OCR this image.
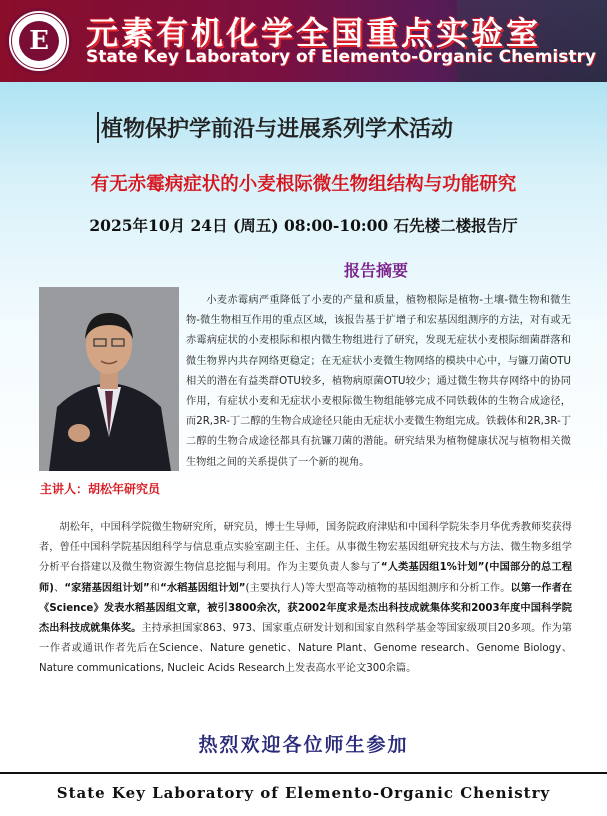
E	元素有机化学全国重点实验室
State Key Laboratory of Elemento-Organic Chemistry
植物保护学前沿与进展系列学术活动
有无赤霉病症状的小麦根际微生物组结构与功能研究
2025年10月 24日 (周五) 08:00-10:00 石先楼二楼报告厅
报告摘要
小麦赤霉病严重降低了小麦的产量和质量，植物根际是植物-土壤-微生物和微生物-微生物相互作用的重点区域，该报告基于扩增子和宏基因组测序的方法，对有或无赤霉病症状的小麦根际和根内微生物组进行了研究，发现无症状小麦根际细菌群落和微生物界内共存网络更稳定；在无症状小麦微生物网络的模块中心中，与镰刀菌OTU相关的潜在有益类群OTU较多，植物病原菌OTU较少；通过微生物共存网络中的协同作用，有症状小麦和无症状小麦根际微生物组能够完成不同铁载体的生物合成途径，而2R,3R-丁二醇的生物合成途径只能由无症状小麦微生物组完成。铁载体和2R,3R-丁二醇的生物合成途径都具有抗镰刀菌的潜能。研究结果为植物健康状况与植物相关微生物组之间的关系提供了一个新的视角。
主讲人：胡松年研究员
胡松年，中国科学院微生物研究所，研究员，博士生导师，国务院政府津贴和中国科学院朱李月华优秀教师奖获得者，曾任中国科学院基因组科学与信息重点实验室副主任、主任。从事微生物宏基因组研究技术与方法、微生物多组学分析平台搭建以及微生物资源生物信息挖掘与利用。作为主要负责人参与了“人类基因组1%计划”(中国部分的总工程师)、“家猪基因组计划”和“水稻基因组计划”(主要执行人)等大型高等动植物的基因组测序和分析工作。以第一作者在《Science》发表水稻基因组文章，被引3800余次，获2002年度求是杰出科技成就集体奖和2003年度中国科学院杰出科技成就集体奖。主持承担国家863、973、国家重点研发计划和国家自然科学基金等国家级项目20多项。作为第一作者或通讯作者先后在Science、Nature genetic、Nature Plant、Genome research、Genome Biology、Nature communications, Nucleic Acids Research上发表高水平论文300余篇。
热烈欢迎各位师生参加
State Key Laboratory of Elemento-Organic Chenistry
